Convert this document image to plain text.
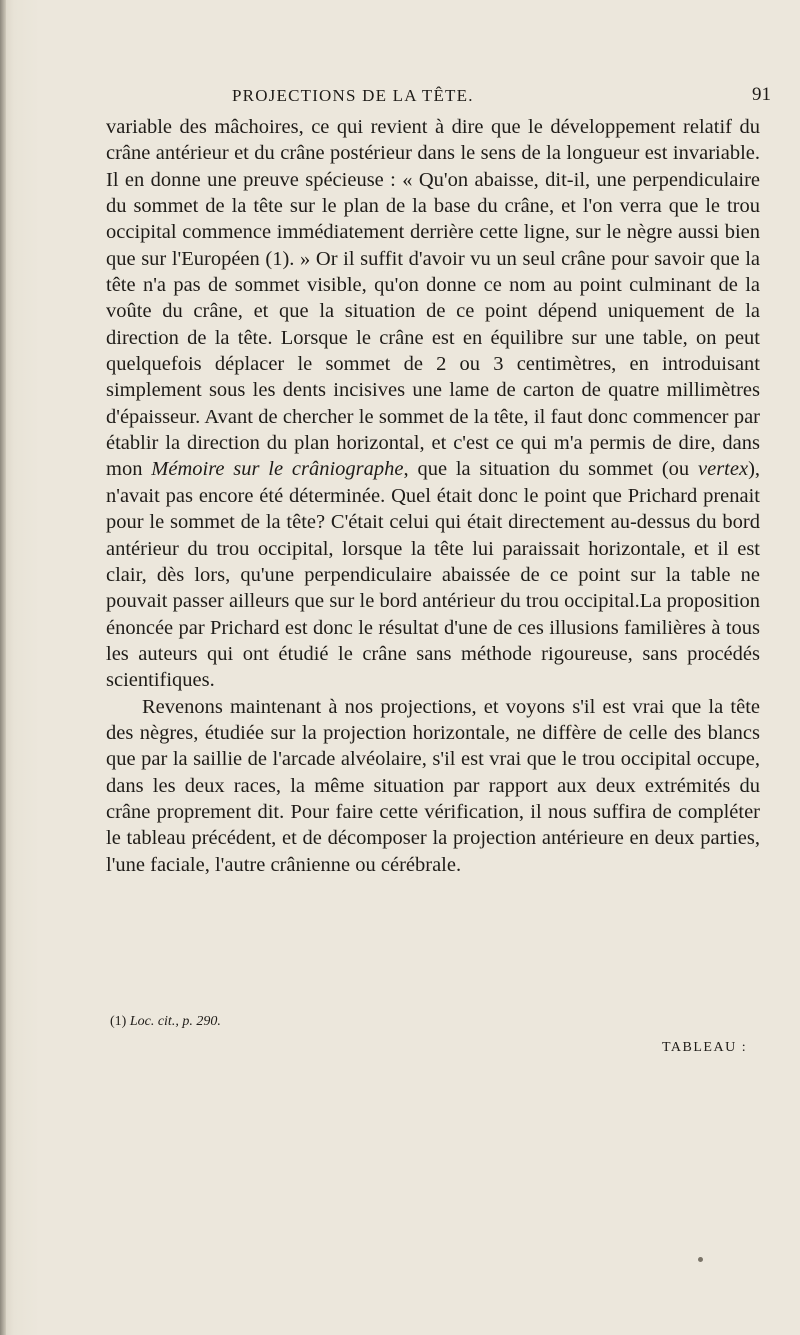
PROJECTIONS DE LA TÊTE.	91

variable des mâchoires, ce qui revient à dire que le développement relatif du crâne antérieur et du crâne postérieur dans le sens de la longueur est invariable. Il en donne une preuve spécieuse : « Qu'on abaisse, dit-il, une perpendiculaire du sommet de la tête sur le plan de la base du crâne, et l'on verra que le trou occipital commence immédiatement derrière cette ligne, sur le nègre aussi bien que sur l'Européen (1). » Or il suffit d'avoir vu un seul crâne pour savoir que la tête n'a pas de sommet visible, qu'on donne ce nom au point culminant de la voûte du crâne, et que la situation de ce point dépend uniquement de la direction de la tête. Lorsque le crâne est en équilibre sur une table, on peut quelquefois déplacer le sommet de 2 ou 3 centimètres, en introduisant simplement sous les dents incisives une lame de carton de quatre millimètres d'épaisseur. Avant de chercher le sommet de la tête, il faut donc commencer par établir la direction du plan horizontal, et c'est ce qui m'a permis de dire, dans mon Mémoire sur le crâniographe, que la situation du sommet (ou vertex), n'avait pas encore été déterminée. Quel était donc le point que Prichard prenait pour le sommet de la tête? C'était celui qui était directement au-dessus du bord antérieur du trou occipital, lorsque la tête lui paraissait horizontale, et il est clair, dès lors, qu'une perpendiculaire abaissée de ce point sur la table ne pouvait passer ailleurs que sur le bord antérieur du trou occipital.La proposition énoncée par Prichard est donc le résultat d'une de ces illusions familières à tous les auteurs qui ont étudié le crâne sans méthode rigoureuse, sans procédés scientifiques.

Revenons maintenant à nos projections, et voyons s'il est vrai que la tête des nègres, étudiée sur la projection horizontale, ne diffère de celle des blancs que par la saillie de l'arcade alvéolaire, s'il est vrai que le trou occipital occupe, dans les deux races, la même situation par rapport aux deux extrémités du crâne proprement dit. Pour faire cette vérification, il nous suffira de compléter le tableau précédent, et de décomposer la projection antérieure en deux parties, l'une faciale, l'autre crânienne ou cérébrale.

(1) Loc. cit., p. 290.
TABLEAU :
